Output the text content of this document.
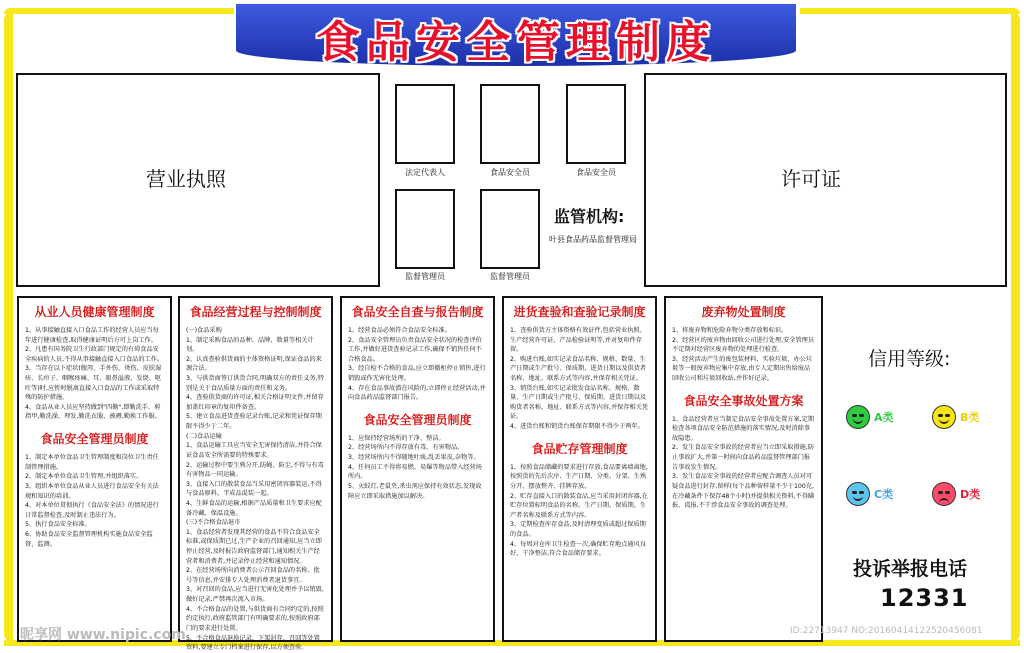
食品安全管理制度
营业执照	许可证
法定代表人	食品安全员	食品安全员
监督管理员	监督管理员
监管机构:
叶县食品药品监督管理局
从业人员健康管理制度

1、从事接触直接入口食品工作的经营人员应当每年进行健康检查,取得健康证明后方可上岗工作。

2、凡患有国务院卫生行政部门规定的有碍食品安全疾病的人员,不得从事接触直接入口食品的工作。

3、当存在以下症状(腹泻、手外伤、烫伤、皮肤湿疹、长疖子、咽喉疼痛、耳、眼鼻溢液、发烧、呕吐等)时,应暂时脱离直接入口食品的工作或采取特殊的防护措施。

4、食品从业人员应坚持做到"四勤",即勤洗手、剪指甲,勤洗澡、理发,勤洗衣服、被褥,勤换工作服。

食品安全管理员制度

1、制定本单位食品卫生管理制度和岗位卫生责任制管理措施。

2、制定本单位食品卫生管理,并组织落实。

3、组织本单位食品从业人员进行食品安全有关法规和知识的培训。

4、对本单位贯彻执行《食品安全法》的情况进行日常监督检查,及时制止违法行为。

5、执行食品安全标准。

6、协助食品安全监督管理机构实施食品安全监督、监测。

食品经营过程与控制制度

(一)食品采购

1、制定采购食品的品种、品牌、数量等相关计划。

2、认真查验供货商的主体资格证明,保证食品的来源合法。

3、与供货商签订供货合同,明确双方的责任义务,特别是关于食品质量方面的责任和义务。

4、查验供货商的许可证,相关合格证明文件,并留存加盖红印章的复印件备查。

5、建立食品进货查验记录台账,记录和凭证保存期限不得少于二年。

(二)食品运输

1、食品运输工具应当安全无害保持清洁,并符合保证食品安全所需要的特殊要求。

2、运输过程中要生熟分开,防蝇、防尘,不得与有毒有害物品一同运输。

3、直接入口的散装食品当采用密闭容器装运,不得与食品原料、半成品混装一起。

4、生鲜食品的运输,根据产品质量和卫生要求应配备冷藏、保温设施。

(三)不合格食品退市

1、食品经营者发现其经营的食品不符合食品安全标准,或保质期已过,生产企业的召回通知,应当立即停止经营,及时报告政府监督部门,通知相关生产经营者和消费者,并记录停止经营和通知情况。

2、在经营场所向消费者公示召回食品的名称、批号等信息,并安排专人处理消费者退货事宜。

3、对召回的食品,应当进行无害化处理并予以销毁,做好记录,严禁再次流入市场。

4、不合格食品的处置,与供货商有合同约定的,按照约定执行,政府监管部门有明确要求的,按照政府部门的要求进行处置。

5、不合格食品退换记录、下架封存、召回等处置资料,要建立专门档案进行保存,以方便查验。

食品安全自查与报告制度

1、经营食品必须符合食品安全标准。

2、食品安全管理员负责食品安全状况的检查评价工作,并做好进货查验记录工作,确保不销售任何不合格食品。

3、经自检不合格的食品,应立即撤柜停止销售,进行销毁或作无害化处理。

4、存在食品事故潜在风险的,立即停止经营活动,并向食品药品监督部门报告。

食品安全管理员制度

1、应保持经营场所的干净、整洁。

2、经营场所内不得存放有毒、有害物品。

3、经营场所内不得随地吐痰,乱丢果皮,杂物等。

4、任何员工不得将易燃、易爆等物品带入经营场所内。

5、灭蚊灯,老鼠夹,杀虫剂应保持有效状态,发现故障应立即采取措施加以解决。

进货查验和查验记录制度

1、查验供货方主体资格有效证件,包括营业执照、生产经营许可证、产品检验证明等,并对复印件存留。

2、购进台账,如实记录食品名称、规格、数量、生产日期或生产批号、保质期、进货日期以及供货者名称、地址、联系方式等内容,并保存相关凭证。

3、销货台账,如实记录批发食品名称、规格、数量、生产日期或生产批号、保质期、进货日期以及购货者名称、地址、联系方式等内容,并保存相关凭证。

4、进货台账和销货台账保存期限不得少于两年。

食品贮存管理制度

1、按照食品储藏的要求进行存放,食品要离墙离地,按照货的先后次序、生产日期、分类、分架、生熟分开、摆放整齐、挂牌存放。

2、贮存直接入口的散装食品,应当采用封闭容器,在贮存位置标明食品的名称、生产日期、保质期、生产者名称及联系方式等内容。

3、定期检查库存食品,及时清理变质或超过保质期的食品。

4、每周对仓库卫生检查一次,确保贮存地点通风良好、干净整洁,符合食品储存要求。

废弃物处置制度

1、将废弃物和危险弃物分类存放和标识。

2、经营区的废弃物由回收公司进行处理,安全管理员不定期对经营区废弃物的处理进行检查。

3、经营活动产生的废包装材料、实验垃圾、办公垃圾等一般废弃物应集中存放,由专人定期出售给废品回收公司和垃圾回收站,并作好记录。

食品安全事故处置方案

1、食品经营者应当制定食品安全事故处置方案,定期检查各项食品安全防范措施的落实情况,及时消除事故隐患。

2、发生食品安全事故的经营者应当立即采取措施,防止事故扩大,并第一时间向食品药品监督管理部门报告事故发生情况。

3、发生食品安全事故的经营者应配合调查人员对可疑食品进行封存,留样(每个品种留样量不少于100克,在冷藏条件下保存48个小时)并提供相关资料,不得瞒报、谎报,不干涉食品安全事故的调查处理。

信用等级:
A类	B类
C类	D类
投诉举报电话
12331
昵享网 www.nipic.com	ID:22713947 NO:20160414122520456081
